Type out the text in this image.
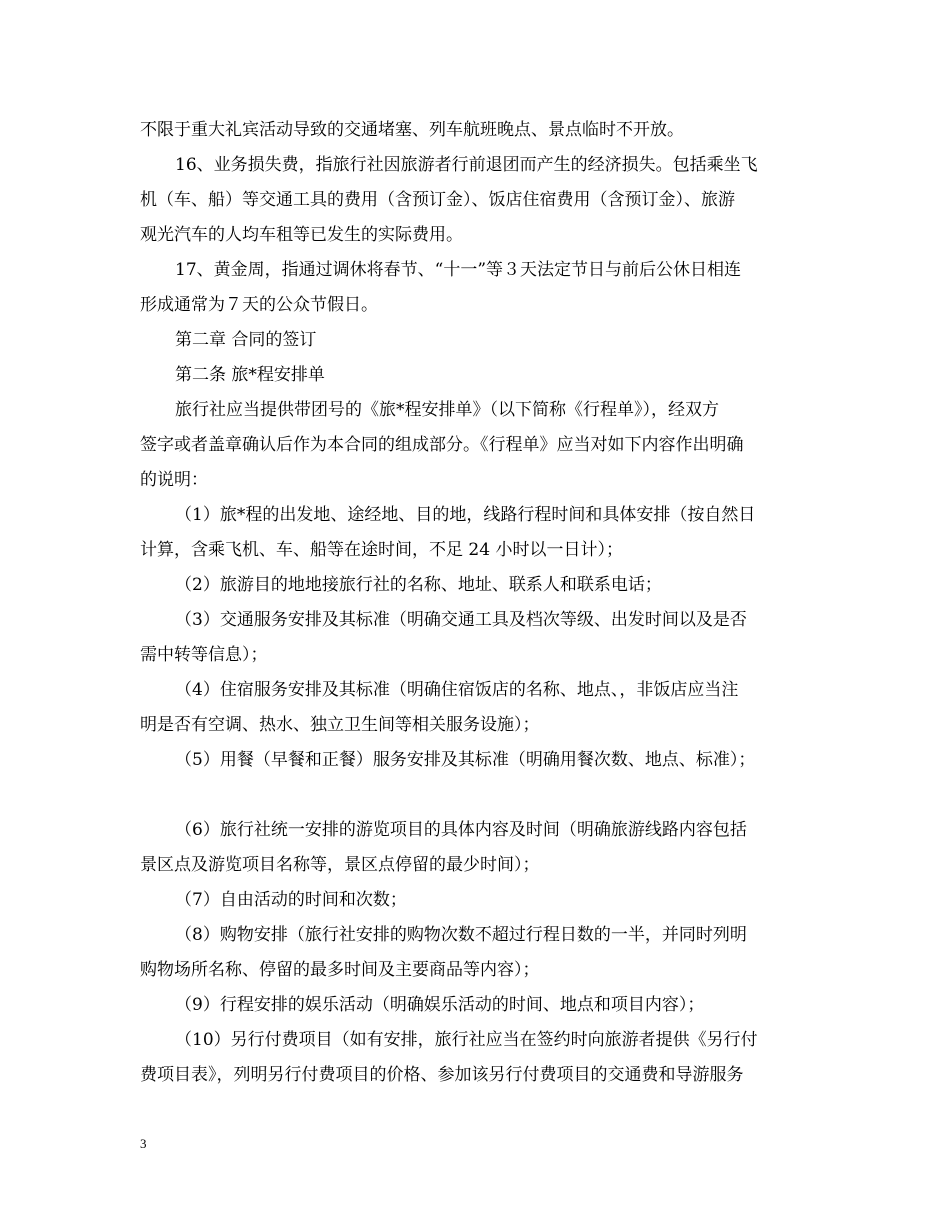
不限于重大礼宾活动导致的交通堵塞、列车航班晚点、景点临时不开放。
16、业务损失费，指旅行社因旅游者行前退团而产生的经济损失。包括乘坐飞
机（车、船）等交通工具的费用（含预订金）、饭店住宿费用（含预订金）、旅游
观光汽车的人均车租等已发生的实际费用。
17、黄金周，指通过调休将春节、“十一”等３天法定节日与前后公休日相连
形成通常为７天的公众节假日。
第二章 合同的签订
第二条 旅*程安排单
旅行社应当提供带团号的《旅*程安排单》（以下简称《行程单》），经双方
签字或者盖章确认后作为本合同的组成部分。《行程单》应当对如下内容作出明确
的说明：
（1）旅*程的出发地、途经地、目的地，线路行程时间和具体安排（按自然日
计算，含乘飞机、车、船等在途时间，不足 24 小时以一日计）；
（2）旅游目的地地接旅行社的名称、地址、联系人和联系电话；
（3）交通服务安排及其标准（明确交通工具及档次等级、出发时间以及是否
需中转等信息）；
（4）住宿服务安排及其标准（明确住宿饭店的名称、地点、，非饭店应当注
明是否有空调、热水、独立卫生间等相关服务设施）；
（5）用餐（早餐和正餐）服务安排及其标准（明确用餐次数、地点、标准）；
（6）旅行社统一安排的游览项目的具体内容及时间（明确旅游线路内容包括
景区点及游览项目名称等，景区点停留的最少时间）；
（7）自由活动的时间和次数；
（8）购物安排（旅行社安排的购物次数不超过行程日数的一半，并同时列明
购物场所名称、停留的最多时间及主要商品等内容）；
（9）行程安排的娱乐活动（明确娱乐活动的时间、地点和项目内容）；
（10）另行付费项目（如有安排，旅行社应当在签约时向旅游者提供《另行付
费项目表》，列明另行付费项目的价格、参加该另行付费项目的交通费和导游服务
3
